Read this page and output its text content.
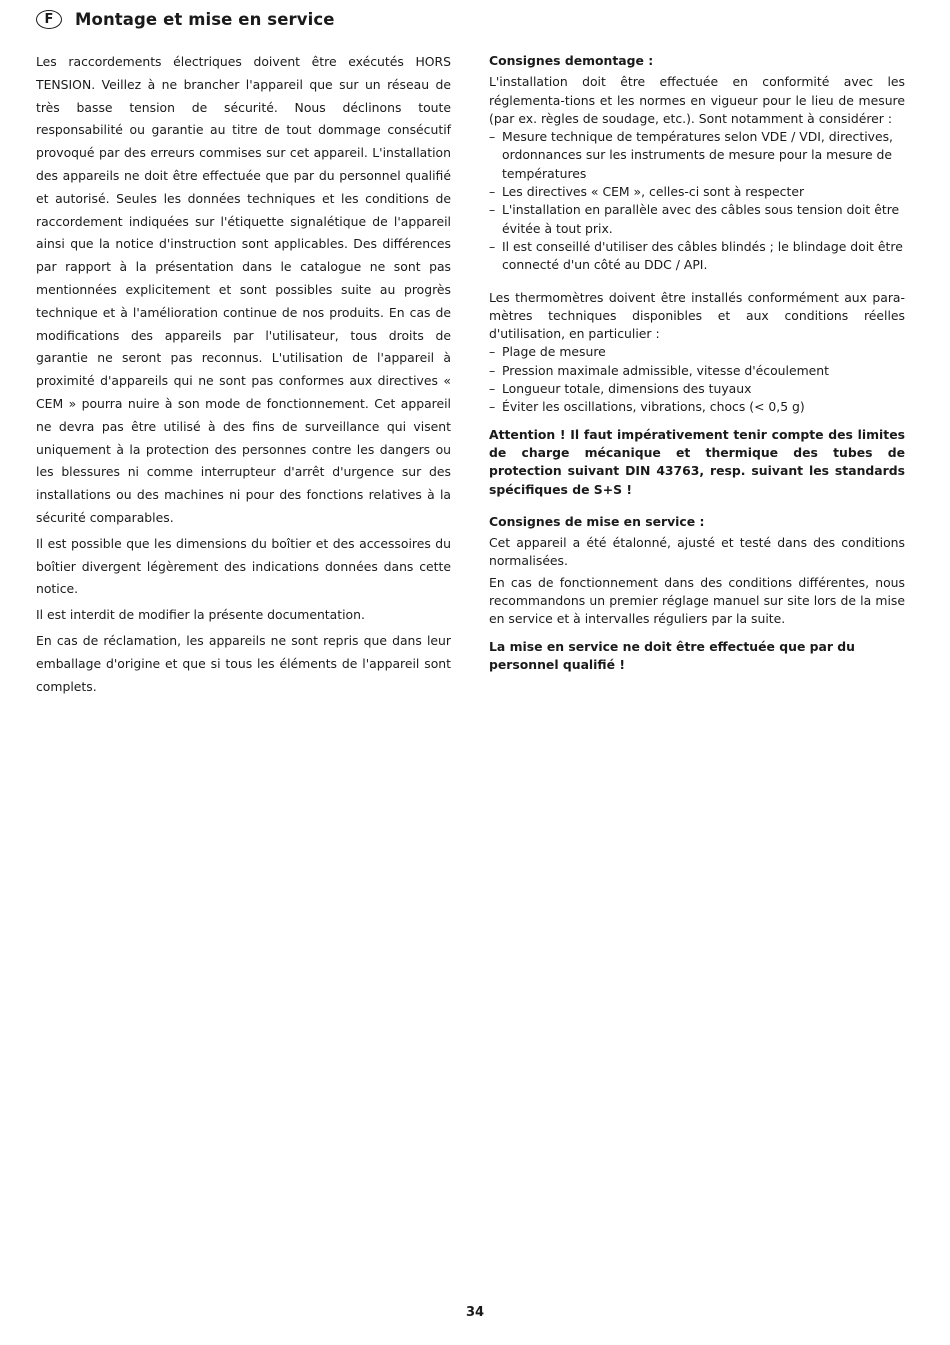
F	Montage et mise en service

Les raccordements électriques doivent être exécutés HORS TENSION. Veillez à ne brancher l'appareil que sur un réseau de très basse tension de sécurité. Nous déclinons toute responsabilité ou garantie au titre de tout dommage consécutif provoqué par des erreurs commises sur cet appareil. L'installation des appareils ne doit être effectuée que par du personnel qualifié et autorisé. Seules les données techniques et les conditions de raccordement indiquées sur l'étiquette signalétique de l'appareil ainsi que la notice d'instruction sont applicables. Des différences par rapport à la présentation dans le catalogue ne sont pas mentionnées explicitement et sont possibles suite au progrès technique et à l'amélioration continue de nos produits. En cas de modifications des appareils par l'utilisateur, tous droits de garantie ne seront pas reconnus. L'utilisation de l'appareil à proximité d'appareils qui ne sont pas conformes aux directives « CEM » pourra nuire à son mode de fonctionnement. Cet appareil ne devra pas être utilisé à des fins de surveillance qui visent uniquement à la protection des personnes contre les dangers ou les blessures ni comme interrupteur d'arrêt d'urgence sur des installations ou des machines ni pour des fonctions relatives à la sécurité comparables.

Il est possible que les dimensions du boîtier et des accessoires du boîtier divergent légèrement des indications données dans cette notice.

Il est interdit de modifier la présente documentation.

En cas de réclamation, les appareils ne sont repris que dans leur emballage d'origine et que si tous les éléments de l'appareil sont complets.

Consignes demontage :

L'installation doit être effectuée en conformité avec les réglementa-tions et les normes en vigueur pour le lieu de mesure (par ex. règles de soudage, etc.). Sont notamment à considérer :

– Mesure technique de températures selon VDE / VDI, directives, ordonnances sur les instruments de mesure pour la mesure de températures
– Les directives « CEM », celles-ci sont à respecter
– L'installation en parallèle avec des câbles sous tension doit être évitée à tout prix.
– Il est conseillé d'utiliser des câbles blindés ; le blindage doit être connecté d'un côté au DDC / API.

Les thermomètres doivent être installés conformément aux para-mètres techniques disponibles et aux conditions réelles d'utilisation, en particulier :

– Plage de mesure
– Pression maximale admissible, vitesse d'écoulement
– Longueur totale, dimensions des tuyaux
– Éviter les oscillations, vibrations, chocs (< 0,5 g)

Attention ! Il faut impérativement tenir compte des limites de charge mécanique et thermique des tubes de protection suivant DIN 43763, resp. suivant les standards spécifiques de S+S !

Consignes de mise en service :

Cet appareil a été étalonné, ajusté et testé dans des conditions normalisées.

En cas de fonctionnement dans des conditions différentes, nous recommandons un premier réglage manuel sur site lors de la mise en service et à intervalles réguliers par la suite.

La mise en service ne doit être effectuée que par du personnel qualifié !

34
